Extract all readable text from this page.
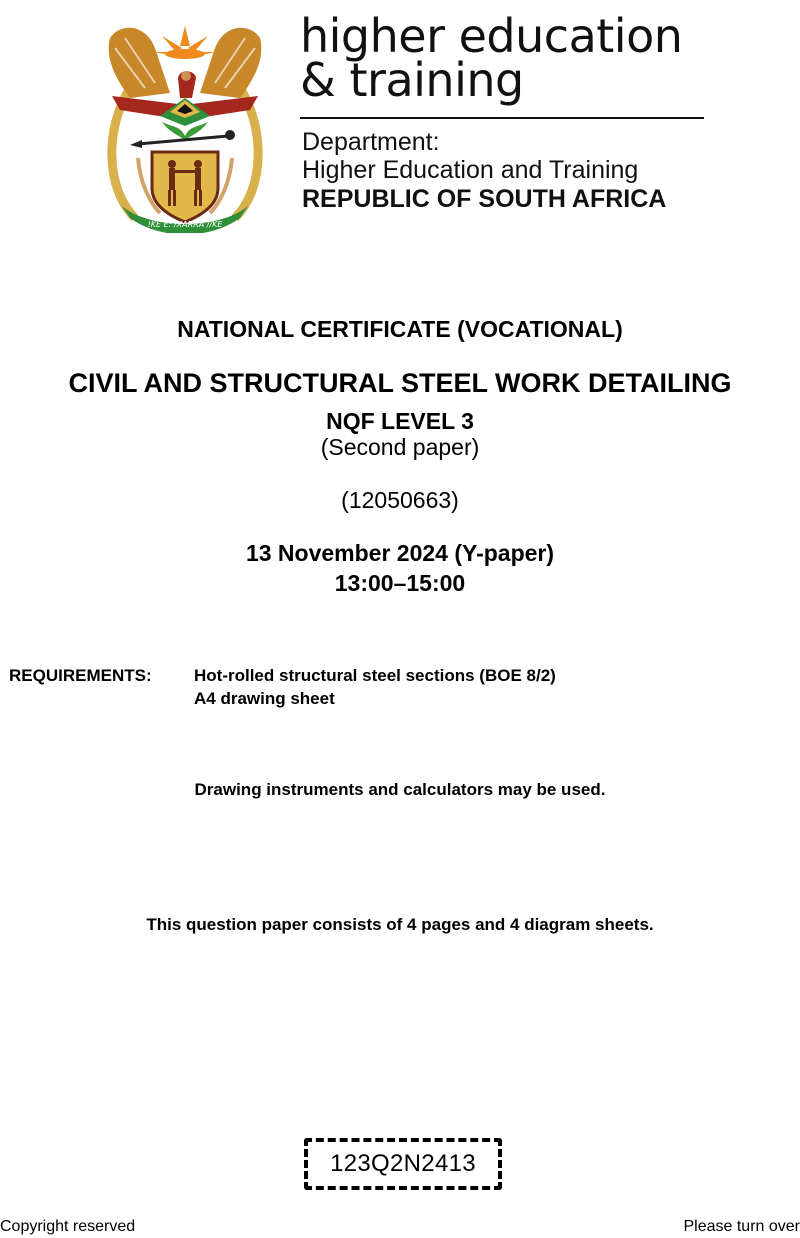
!KE E: /XARRA //KE
higher education
& training
Department:
Higher Education and Training
REPUBLIC OF SOUTH AFRICA
NATIONAL CERTIFICATE (VOCATIONAL)
CIVIL AND STRUCTURAL STEEL WORK DETAILING
NQF LEVEL 3
(Second paper)
(12050663)
13 November 2024 (Y-paper)
13:00–15:00
REQUIREMENTS: Hot-rolled structural steel sections (BOE 8/2)
A4 drawing sheet
Drawing instruments and calculators may be used.
This question paper consists of 4 pages and 4 diagram sheets.
123Q2N2413
Copyright reserved	Please turn over
